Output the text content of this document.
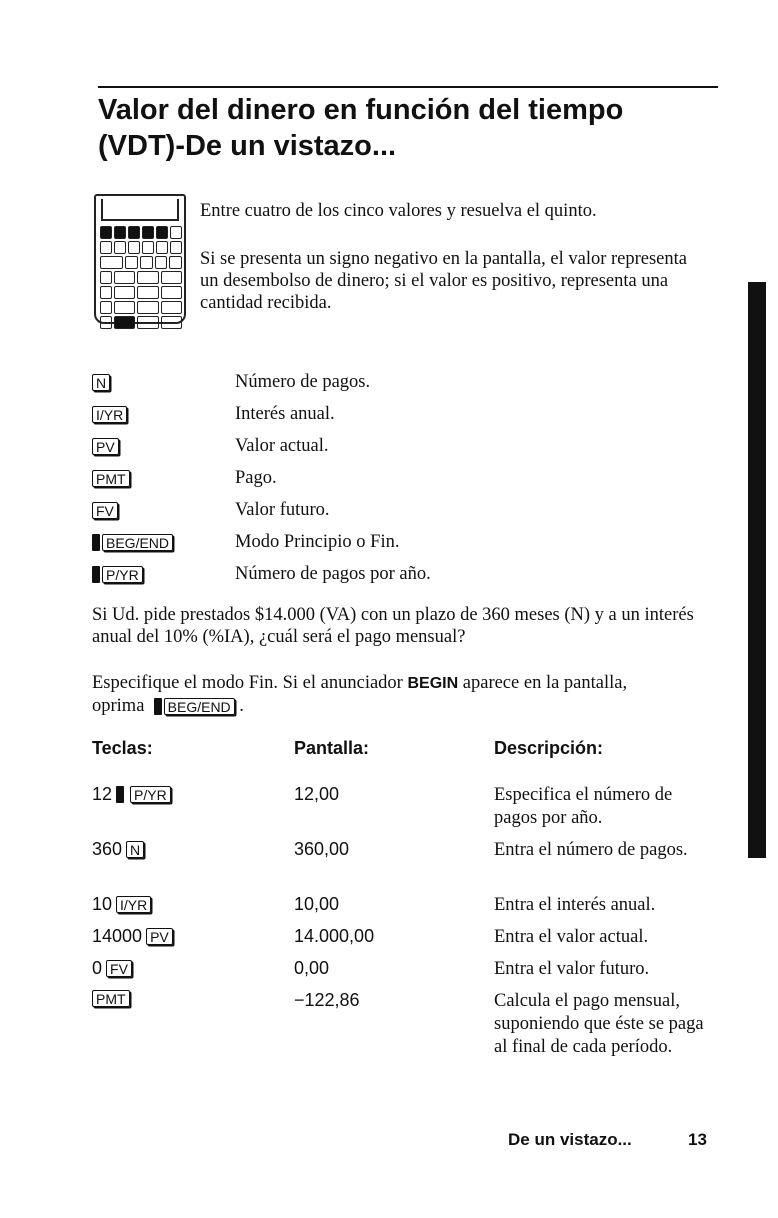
Valor del dinero en función del tiempo (VDT)-De un vistazo...

Entre cuatro de los cinco valores y resuelva el quinto.

Si se presenta un signo negativo en la pantalla, el valor representa un desembolso de dinero; si el valor es positivo, representa una cantidad recibida.

N	Número de pagos.
I/YR	Interés anual.
PV	Valor actual.
PMT	Pago.
FV	Valor futuro.
BEG/END	Modo Principio o Fin.
P/YR	Número de pagos por año.

Si Ud. pide prestados $14.000 (VA) con un plazo de 360 meses (N) y a un interés anual del 10% (%IA), ¿cuál será el pago mensual?

Especifique el modo Fin. Si el anunciador BEGIN aparece en la pantalla,
oprima BEG/END .

Teclas:	Pantalla:	Descripción:
12 P/YR	12,00	Especifica el número de pagos por año.
360 N	360,00	Entra el número de pagos.
10 I/YR	10,00	Entra el interés anual.
14000 PV	14.000,00	Entra el valor actual.
0 FV	0,00	Entra el valor futuro.
PMT	−122,86	Calcula el pago mensual, suponiendo que éste se paga al final de cada período.
De un vistazo...	13
